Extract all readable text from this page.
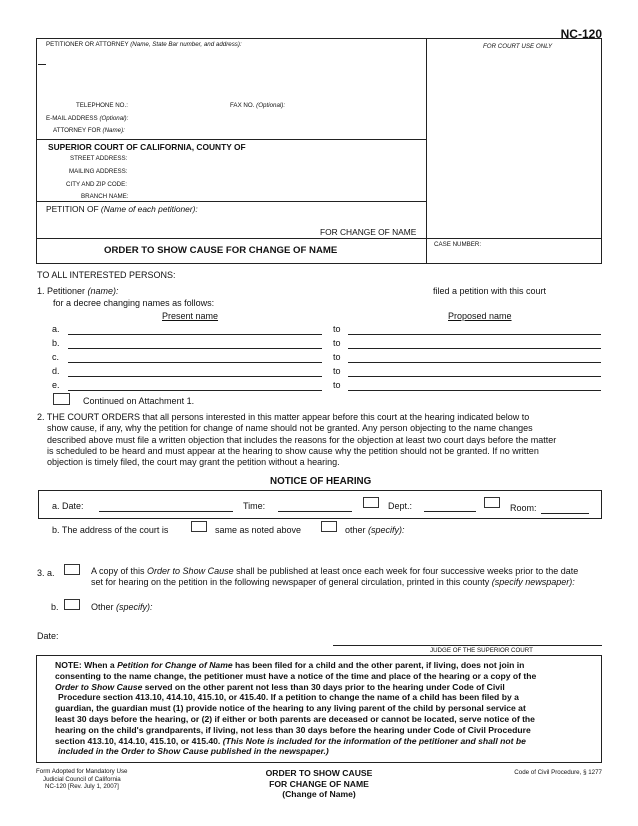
NC-120
PETITIONER OR ATTORNEY (Name, State Bar number, and address):	FOR COURT USE ONLY
TELEPHONE NO.:	FAX NO. (Optional):
E-MAIL ADDRESS (Optional):
ATTORNEY FOR (Name):
SUPERIOR COURT OF CALIFORNIA, COUNTY OF
STREET ADDRESS:
MAILING ADDRESS:
CITY AND ZIP CODE:
BRANCH NAME:
PETITION OF (Name of each petitioner):
FOR CHANGE OF NAME
ORDER TO SHOW CAUSE FOR CHANGE OF NAME
CASE NUMBER:
TO ALL INTERESTED PERSONS:
1. Petitioner (name):	filed a petition with this court
for a decree changing names as follows:
Present name	Proposed name
a.	to
b.	to
c.	to
d.	to
e.	to
Continued on Attachment 1.
2. THE COURT ORDERS that all persons interested in this matter appear before this court at the hearing indicated below to
show cause, if any, why the petition for change of name should not be granted. Any person objecting to the name changes
described above must file a written objection that includes the reasons for the objection at least two court days before the matter
is scheduled to be heard and must appear at the hearing to show cause why the petition should not be granted. If no written
objection is timely filed, the court may grant the petition without a hearing.
NOTICE OF HEARING
a. Date:	Time:	Dept.:	Room:
b. The address of the court is	same as noted above	other (specify):
3. a.	A copy of this Order to Show Cause shall be published at least once each week for four successive weeks prior to the date
set for hearing on the petition in the following newspaper of general circulation, printed in this county (specify newspaper):
b.	Other (specify):
Date:
JUDGE OF THE SUPERIOR COURT
NOTE: When a Petition for Change of Name has been filed for a child and the other parent, if living, does not join in
consenting to the name change, the petitioner must have a notice of the time and place of the hearing or a copy of the
Order to Show Cause served on the other parent not less than 30 days prior to the hearing under Code of Civil
Procedure section 413.10, 414.10, 415.10, or 415.40. If a petition to change the name of a child has been filed by a
guardian, the guardian must (1) provide notice of the hearing to any living parent of the child by personal service at
least 30 days before the hearing, or (2) if either or both parents are deceased or cannot be located, serve notice of the
hearing on the child's grandparents, if living, not less than 30 days before the hearing under Code of Civil Procedure
section 413.10, 414.10, 415.10, or 415.40. (This Note is included for the information of the petitioner and shall not be
included in the Order to Show Cause published in the newspaper.)
Form Adopted for Mandatory Use
Judicial Council of California
NC-120 [Rev. July 1, 2007]
ORDER TO SHOW CAUSE
FOR CHANGE OF NAME
(Change of Name)
Code of Civil Procedure, § 1277
